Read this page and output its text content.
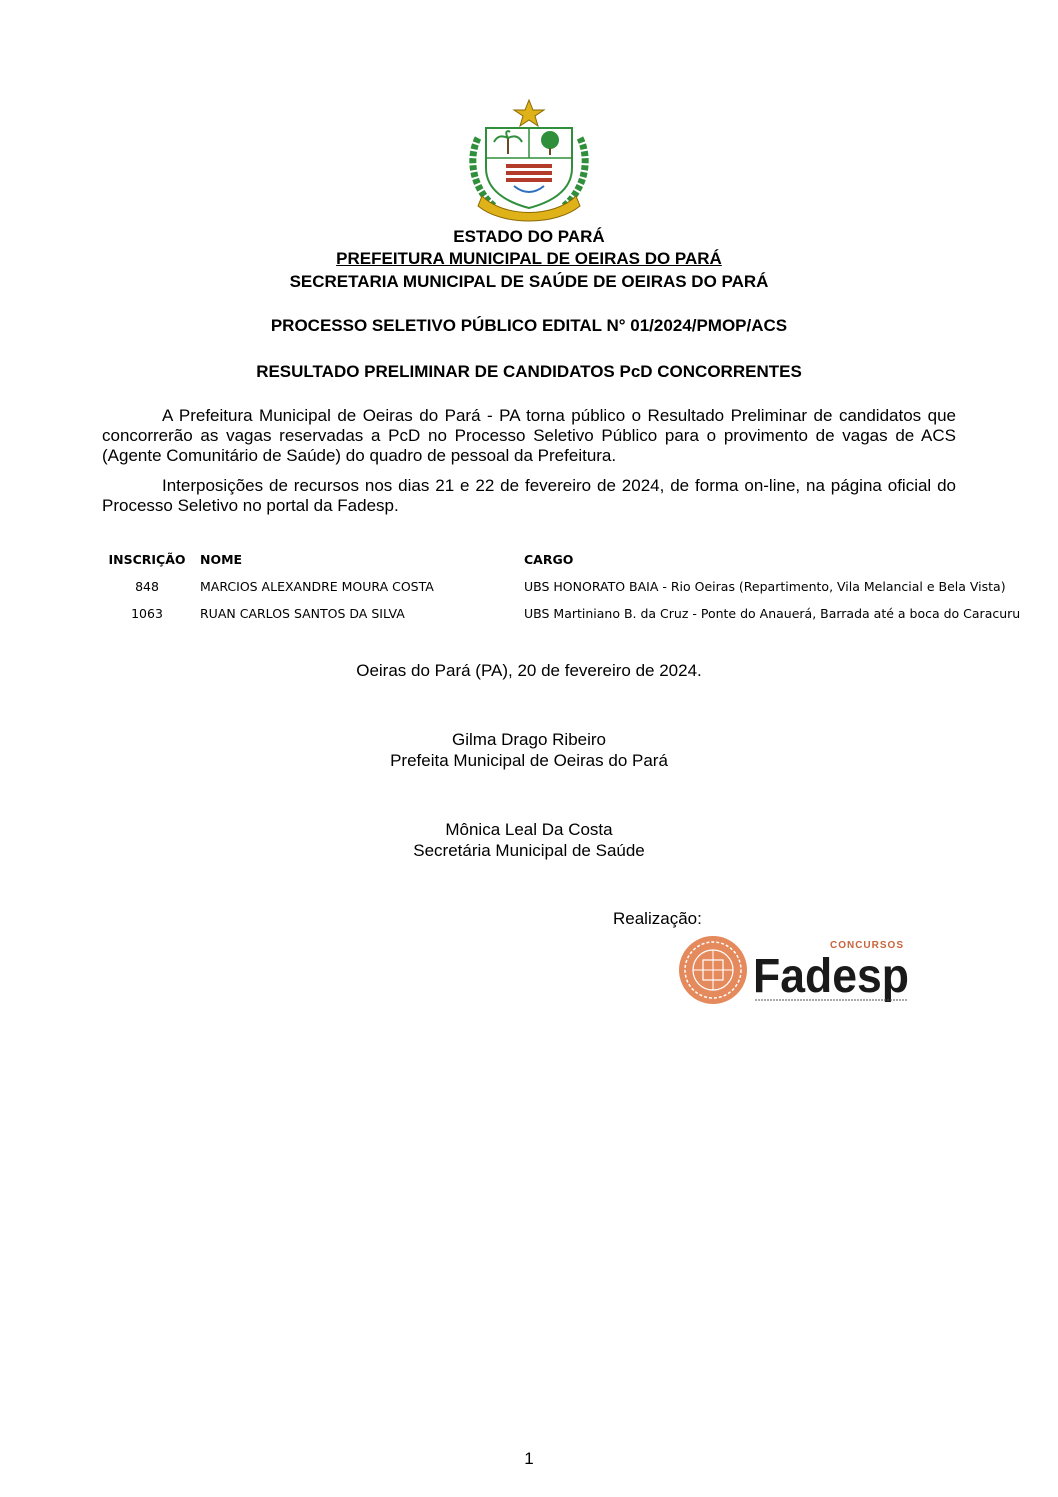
ESTADO DO PARÁ
PREFEITURA MUNICIPAL DE OEIRAS DO PARÁ
SECRETARIA MUNICIPAL DE SAÚDE DE OEIRAS DO PARÁ
PROCESSO SELETIVO PÚBLICO EDITAL N° 01/2024/PMOP/ACS
RESULTADO PRELIMINAR DE CANDIDATOS PcD CONCORRENTES

A Prefeitura Municipal de Oeiras do Pará - PA torna público o Resultado Preliminar de candidatos que concorrerão as vagas reservadas a PcD no Processo Seletivo Público para o provimento de vagas de ACS (Agente Comunitário de Saúde) do quadro de pessoal da Prefeitura.

Interposições de recursos nos dias 21 e 22 de fevereiro de 2024, de forma on-line, na página oficial do Processo Seletivo no portal da Fadesp.

INSCRIÇÃO	NOME	CARGO
848	MARCIOS ALEXANDRE MOURA COSTA	UBS HONORATO BAIA - Rio Oeiras (Repartimento, Vila Melancial e Bela Vista)
1063	RUAN CARLOS SANTOS DA SILVA	UBS Martiniano B. da Cruz - Ponte do Anauerá, Barrada até a boca do Caracuru
Oeiras do Pará (PA), 20 de fevereiro de 2024.
Gilma Drago Ribeiro
Prefeita Municipal de Oeiras do Pará
Mônica Leal Da Costa
Secretária Municipal de Saúde
Realização:
CONCURSOS
Fadesp
1
